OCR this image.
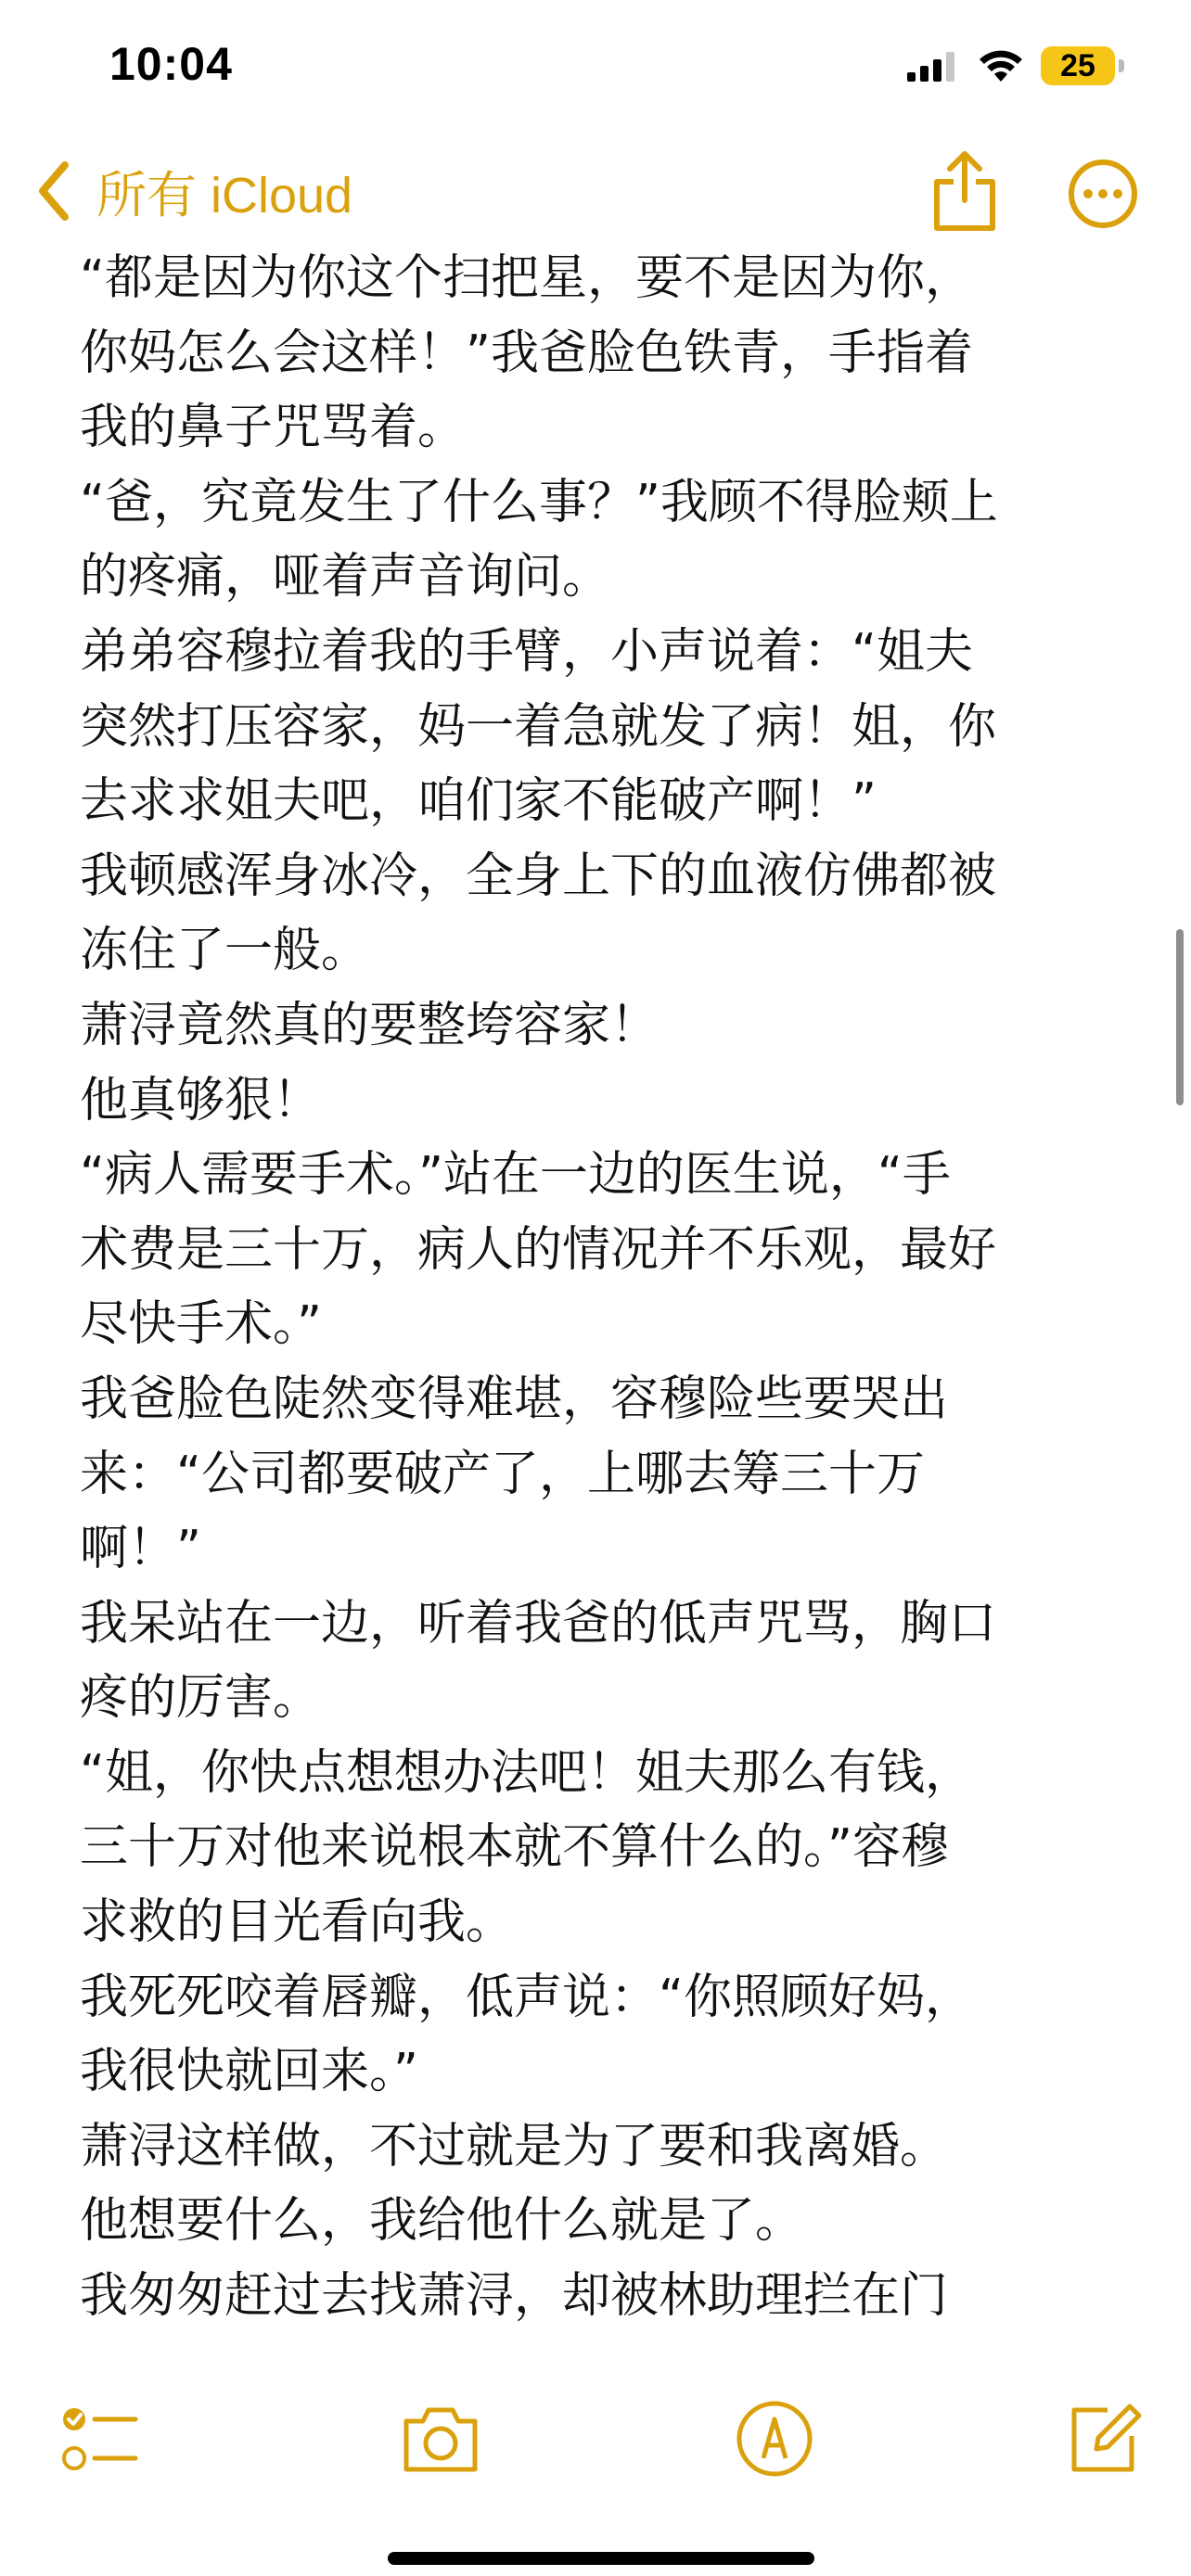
10:04	25
所有 iCloud

“都是因为你这个扫把星，要不是因为你，

你妈怎么会这样！”我爸脸色铁青，手指着

我的鼻子咒骂着。

“爸，究竟发生了什么事？”我顾不得脸颊上

的疼痛，哑着声音询问。

弟弟容穆拉着我的手臂，小声说着：“姐夫

突然打压容家，妈一着急就发了病！姐，你

去求求姐夫吧，咱们家不能破产啊！”

我顿感浑身冰冷，全身上下的血液仿佛都被

冻住了一般。

萧浔竟然真的要整垮容家！

他真够狠！

“病人需要手术。”站在一边的医生说，“手

术费是三十万，病人的情况并不乐观，最好

尽快手术。”

我爸脸色陡然变得难堪，容穆险些要哭出

来：“公司都要破产了，上哪去筹三十万

啊！”

我呆站在一边，听着我爸的低声咒骂，胸口

疼的厉害。

“姐，你快点想想办法吧！姐夫那么有钱，

三十万对他来说根本就不算什么的。”容穆

求救的目光看向我。

我死死咬着唇瓣，低声说：“你照顾好妈，

我很快就回来。”

萧浔这样做，不过就是为了要和我离婚。

他想要什么，我给他什么就是了。

我匆匆赶过去找萧浔，却被林助理拦在门
